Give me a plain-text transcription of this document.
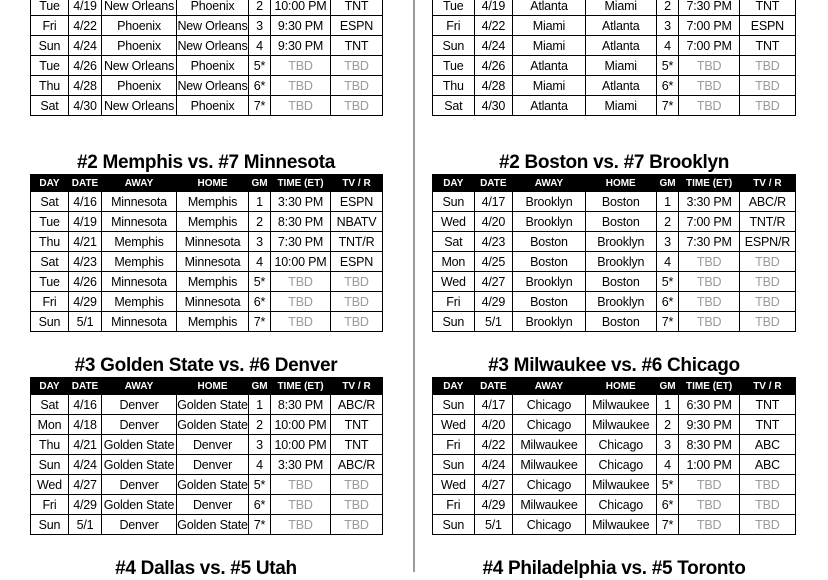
Tue	4/19	New Orleans	Phoenix	2	10:00 PM	TNT
Fri	4/22	Phoenix	New Orleans	3	9:30 PM	ESPN
Sun	4/24	Phoenix	New Orleans	4	9:30 PM	TNT
Tue	4/26	New Orleans	Phoenix	5*	TBD	TBD
Thu	4/28	Phoenix	New Orleans	6*	TBD	TBD
Sat	4/30	New Orleans	Phoenix	7*	TBD	TBD
#2 Memphis vs. #7 Minnesota
DAY	DATE	AWAY	HOME	GM	TIME (ET)	TV / R
Sat	4/16	Minnesota	Memphis	1	3:30 PM	ESPN
Tue	4/19	Minnesota	Memphis	2	8:30 PM	NBATV
Thu	4/21	Memphis	Minnesota	3	7:30 PM	TNT/R
Sat	4/23	Memphis	Minnesota	4	10:00 PM	ESPN
Tue	4/26	Minnesota	Memphis	5*	TBD	TBD
Fri	4/29	Memphis	Minnesota	6*	TBD	TBD
Sun	5/1	Minnesota	Memphis	7*	TBD	TBD
#3 Golden State vs. #6 Denver
DAY	DATE	AWAY	HOME	GM	TIME (ET)	TV / R
Sat	4/16	Denver	Golden State	1	8:30 PM	ABC/R
Mon	4/18	Denver	Golden State	2	10:00 PM	TNT
Thu	4/21	Golden State	Denver	3	10:00 PM	TNT
Sun	4/24	Golden State	Denver	4	3:30 PM	ABC/R
Wed	4/27	Denver	Golden State	5*	TBD	TBD
Fri	4/29	Golden State	Denver	6*	TBD	TBD
Sun	5/1	Denver	Golden State	7*	TBD	TBD
#4 Dallas vs. #5 Utah
Tue	4/19	Atlanta	Miami	2	7:30 PM	TNT
Fri	4/22	Miami	Atlanta	3	7:00 PM	ESPN
Sun	4/24	Miami	Atlanta	4	7:00 PM	TNT
Tue	4/26	Atlanta	Miami	5*	TBD	TBD
Thu	4/28	Miami	Atlanta	6*	TBD	TBD
Sat	4/30	Atlanta	Miami	7*	TBD	TBD
#2 Boston vs. #7 Brooklyn
DAY	DATE	AWAY	HOME	GM	TIME (ET)	TV / R
Sun	4/17	Brooklyn	Boston	1	3:30 PM	ABC/R
Wed	4/20	Brooklyn	Boston	2	7:00 PM	TNT/R
Sat	4/23	Boston	Brooklyn	3	7:30 PM	ESPN/R
Mon	4/25	Boston	Brooklyn	4	TBD	TBD
Wed	4/27	Brooklyn	Boston	5*	TBD	TBD
Fri	4/29	Boston	Brooklyn	6*	TBD	TBD
Sun	5/1	Brooklyn	Boston	7*	TBD	TBD
#3 Milwaukee vs. #6 Chicago
DAY	DATE	AWAY	HOME	GM	TIME (ET)	TV / R
Sun	4/17	Chicago	Milwaukee	1	6:30 PM	TNT
Wed	4/20	Chicago	Milwaukee	2	9:30 PM	TNT
Fri	4/22	Milwaukee	Chicago	3	8:30 PM	ABC
Sun	4/24	Milwaukee	Chicago	4	1:00 PM	ABC
Wed	4/27	Chicago	Milwaukee	5*	TBD	TBD
Fri	4/29	Milwaukee	Chicago	6*	TBD	TBD
Sun	5/1	Chicago	Milwaukee	7*	TBD	TBD
#4 Philadelphia vs. #5 Toronto
